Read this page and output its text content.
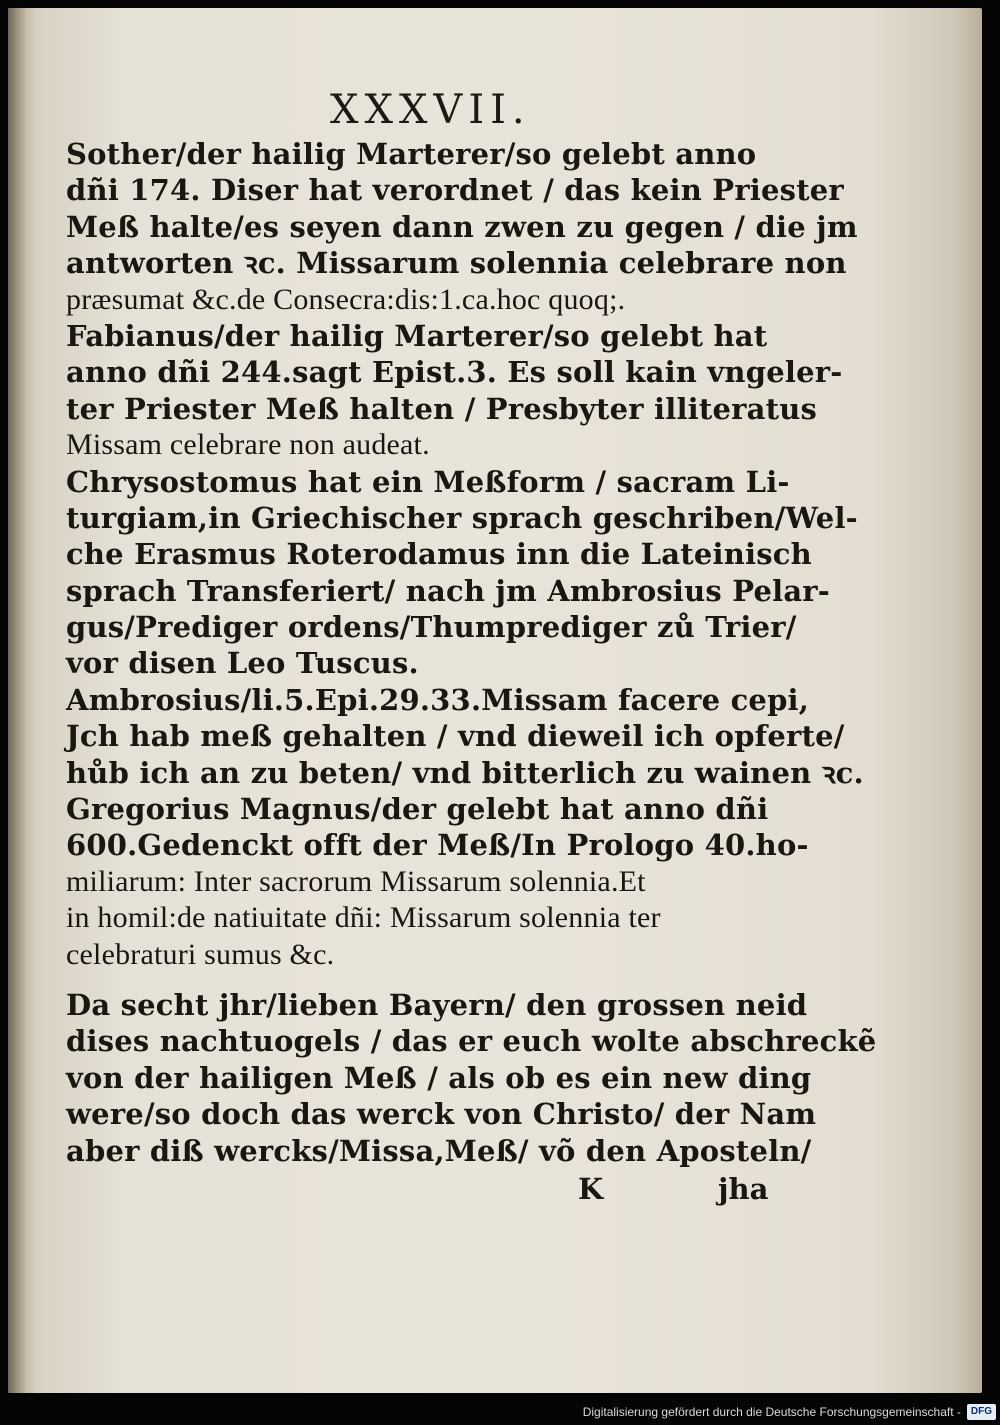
XXXVII.
Sother/der hailig Marterer/so gelebt anno
dñi 174. Diser hat verordnet / das kein Priester
Meß halte/es seyen dann zwen zu gegen / die jm
antworten ꝛc. Missarum solennia celebrare non
præsumat &c.de Consecra:dis:1.ca.hoc quoq;.
Fabianus/der hailig Marterer/so gelebt hat
anno dñi 244.sagt Epist.3. Es soll kain vngeler-
ter Priester Meß halten / Presbyter illiteratus
Missam celebrare non audeat.
Chrysostomus hat ein Meßform / sacram Li-
turgiam,in Griechischer sprach geschriben/Wel-
che Erasmus Roterodamus inn die Lateinisch
sprach Transferiert/ nach jm Ambrosius Pelar-
gus/Prediger ordens/Thumprediger zů Trier/
vor disen Leo Tuscus.
Ambrosius/li.5.Epi.29.33.Missam facere cepi,
Jch hab meß gehalten / vnd dieweil ich opferte/
hůb ich an zu beten/ vnd bitterlich zu wainen ꝛc.
Gregorius Magnus/der gelebt hat anno dñi
600.Gedenckt offt der Meß/In Prologo 40.ho-
miliarum: Inter sacrorum Missarum solennia.Et
in homil:de natiuitate dñi: Missarum solennia ter
celebraturi sumus &c.
Da secht jhr/lieben Bayern/ den grossen neid
dises nachtuogels / das er euch wolte abschreckẽ
von der hailigen Meß / als ob es ein new ding
were/so doch das werck von Christo/ der Nam
aber diß wercks/Missa,Meß/ võ den Aposteln/
K	jha
Digitalisierung gefördert durch die Deutsche Forschungsgemeinschaft -	DFG
